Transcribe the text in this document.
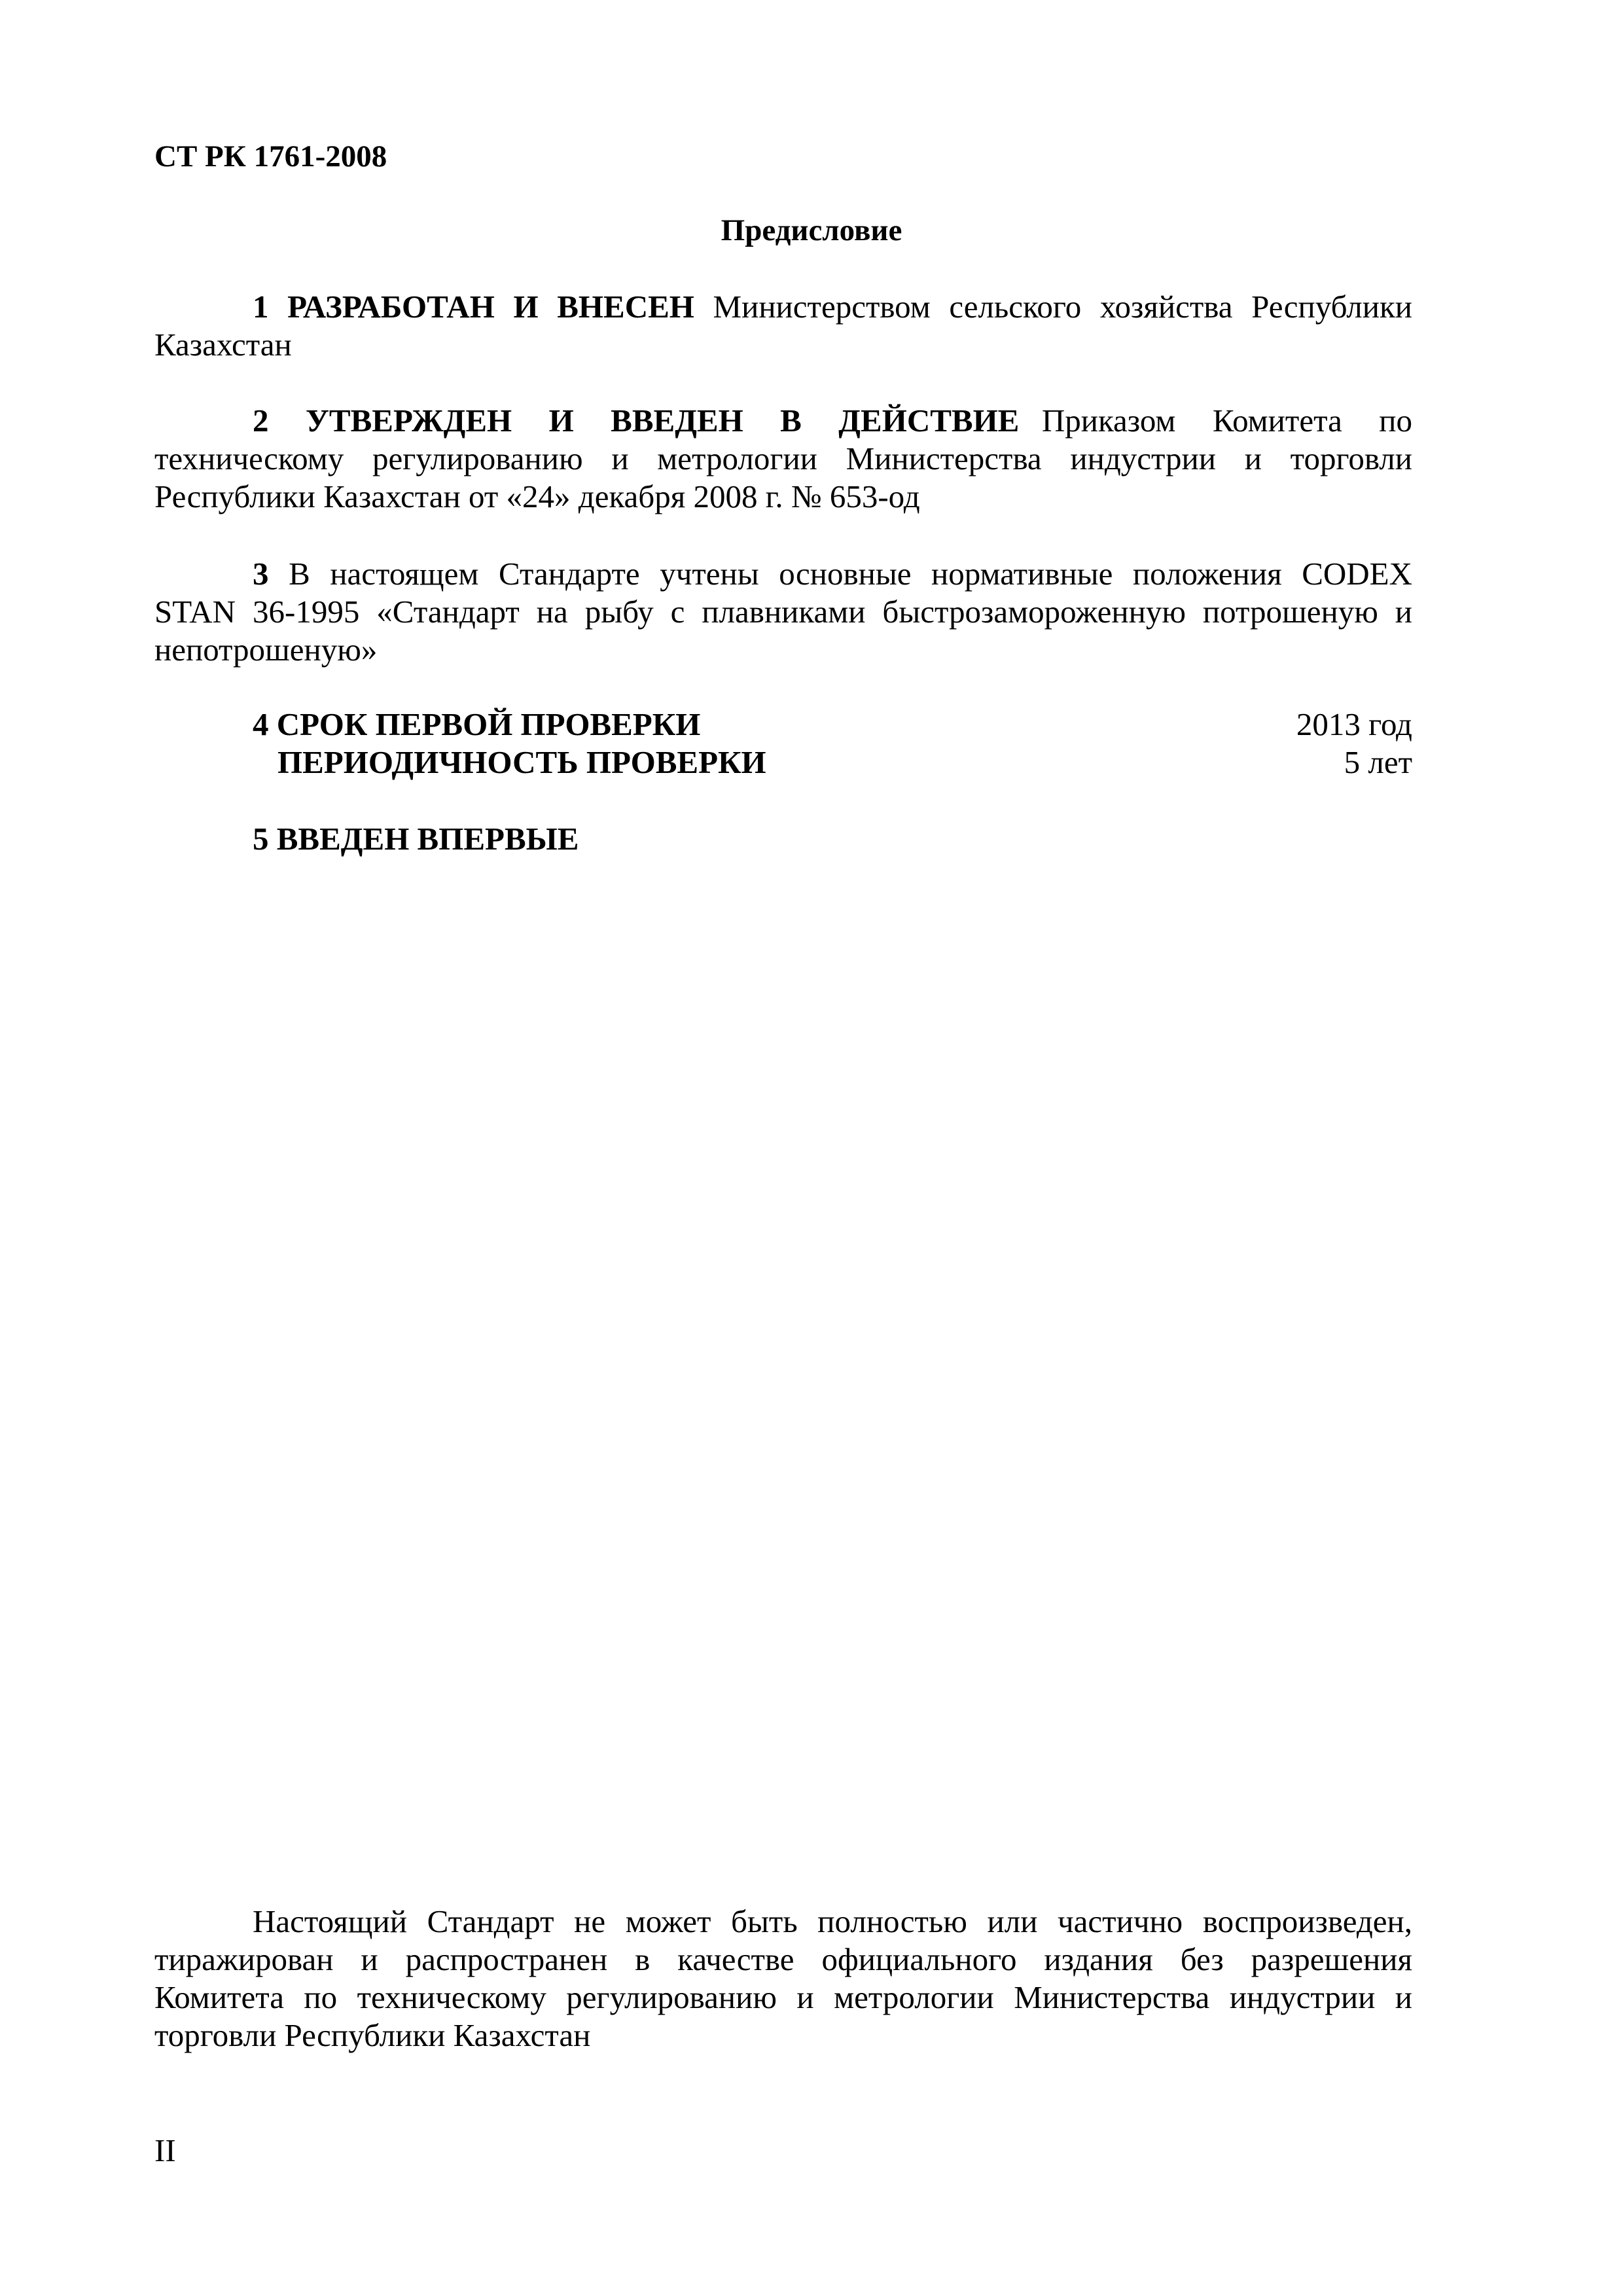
СТ РК 1761-2008
Предисловие
1 РАЗРАБОТАН И ВНЕСЕН Министерством сельского хозяйства Республики
Казахстан
2 УТВЕРЖДЕН И ВВЕДЕН В ДЕЙСТВИЕ Приказом Комитета по
техническому регулированию и метрологии Министерства индустрии и торговли
Республики Казахстан от «24» декабря 2008 г. № 653-од
3 В настоящем Стандарте учтены основные нормативные положения CODEX
STAN 36-1995 «Стандарт на рыбу с плавниками быстрозамороженную потрошеную и
непотрошеную»
4 СРОК ПЕРВОЙ ПРОВЕРКИ	2013 год
ПЕРИОДИЧНОСТЬ ПРОВЕРКИ	5 лет
5 ВВЕДЕН ВПЕРВЫЕ
Настоящий Стандарт не может быть полностью или частично воспроизведен,
тиражирован и распространен в качестве официального издания без разрешения
Комитета по техническому регулированию и метрологии Министерства индустрии и
торговли Республики Казахстан
II
